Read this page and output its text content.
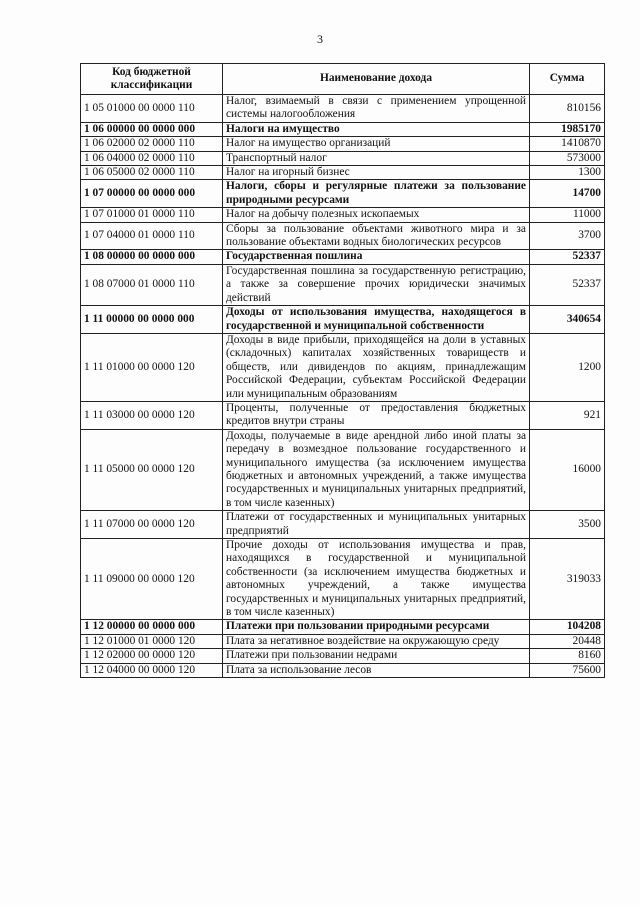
3
Код бюджетной классификации	Наименование дохода	Сумма
1 05 01000 00 0000 110	Налог, взимаемый в связи с применением упрощенной системы налогообложения	810156
1 06 00000 00 0000 000	Налоги на имущество	1985170
1 06 02000 02 0000 110	Налог на имущество организаций	1410870
1 06 04000 02 0000 110	Транспортный налог	573000
1 06 05000 02 0000 110	Налог на игорный бизнес	1300
1 07 00000 00 0000 000	Налоги, сборы и регулярные платежи за пользование природными ресурсами	14700
1 07 01000 01 0000 110	Налог на добычу полезных ископаемых	11000
1 07 04000 01 0000 110	Сборы за пользование объектами животного мира и за пользование объектами водных биологических ресурсов	3700
1 08 00000 00 0000 000	Государственная пошлина	52337
1 08 07000 01 0000 110	Государственная пошлина за государственную регистрацию, а также за совершение прочих юридически значимых действий	52337
1 11 00000 00 0000 000	Доходы от использования имущества, находящегося в государственной и муниципальной собственности	340654
1 11 01000 00 0000 120	Доходы в виде прибыли, приходящейся на доли в уставных (складочных) капиталах хозяйственных товариществ и обществ, или дивидендов по акциям, принадлежащим Российской Федерации, субъектам Российской Федерации или муниципальным образованиям	1200
1 11 03000 00 0000 120	Проценты, полученные от предоставления бюджетных кредитов внутри страны	921
1 11 05000 00 0000 120	Доходы, получаемые в виде арендной либо иной платы за передачу в возмездное пользование государственного и муниципального имущества (за исключением имущества бюджетных и автономных учреждений, а также имущества государственных и муниципальных унитарных предприятий, в том числе казенных)	16000
1 11 07000 00 0000 120	Платежи от государственных и муниципальных унитарных предприятий	3500
1 11 09000 00 0000 120	Прочие доходы от использования имущества и прав, находящихся в государственной и муниципальной собственности (за исключением имущества бюджетных и автономных учреждений, а также имущества государственных и муниципальных унитарных предприятий, в том числе казенных)	319033
1 12 00000 00 0000 000	Платежи при пользовании природными ресурсами	104208
1 12 01000 01 0000 120	Плата за негативное воздействие на окружающую среду	20448
1 12 02000 00 0000 120	Платежи при пользовании недрами	8160
1 12 04000 00 0000 120	Плата за использование лесов	75600
